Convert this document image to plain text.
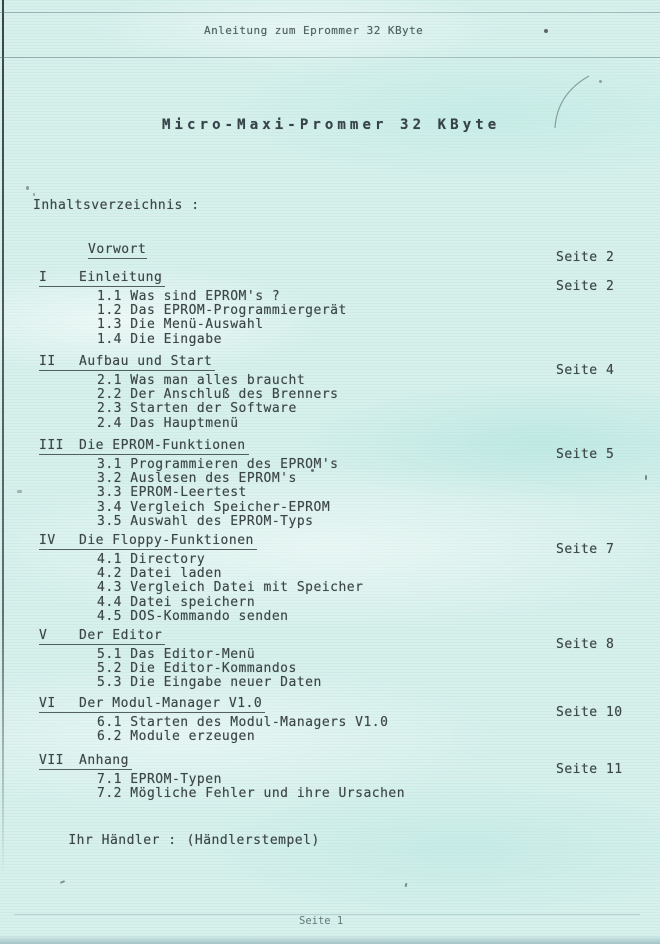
Anleitung zum Eprommer 32 KByte
Micro-Maxi-Prommer 32 KByte
Inhaltsverzeichnis :
Vorwort
Seite 2
I Einleitung
Seite 2
1.1 Was sind EPROM's ?
1.2 Das EPROM-Programmiergerät
1.3 Die Menü-Auswahl
1.4 Die Eingabe
II Aufbau und Start
Seite 4
2.1 Was man alles braucht
2.2 Der Anschluß des Brenners
2.3 Starten der Software
2.4 Das Hauptmenü
III Die EPROM-Funktionen
Seite 5
3.1 Programmieren des EPROM's
3.2 Auslesen des EPROM's
3.3 EPROM-Leertest
3.4 Vergleich Speicher-EPROM
3.5 Auswahl des EPROM-Typs
IV Die Floppy-Funktionen
Seite 7
4.1 Directory
4.2 Datei laden
4.3 Vergleich Datei mit Speicher
4.4 Datei speichern
4.5 DOS-Kommando senden
V Der Editor
Seite 8
5.1 Das Editor-Menü
5.2 Die Editor-Kommandos
5.3 Die Eingabe neuer Daten
VI Der Modul-Manager V1.0
Seite 10
6.1 Starten des Modul-Managers V1.0
6.2 Module erzeugen
VII Anhang
Seite 11
7.1 EPROM-Typen
7.2 Mögliche Fehler und ihre Ursachen

Ihr Händler : (Händlerstempel)

Seite 1
